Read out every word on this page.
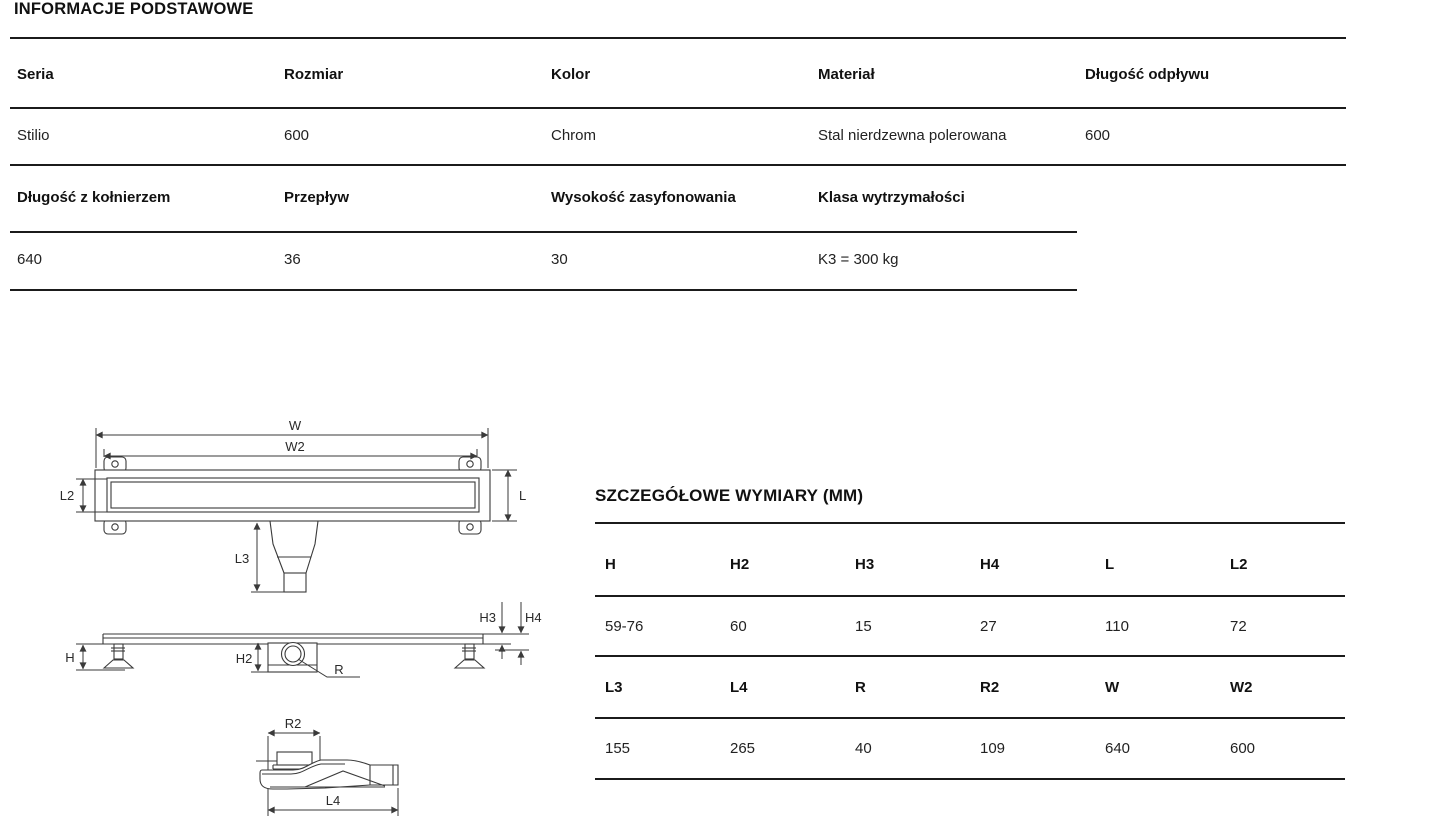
INFORMACJE PODSTAWOWE
Seria	Rozmiar	Kolor	Materiał	Długość odpływu
Stilio	600	Chrom	Stal nierdzewna polerowana	600
Długość z kołnierzem	Przepływ	Wysokość zasyfonowania	Klasa wytrzymałości
640	36	30	K3 = 300 kg
W
W2
L2	L
L3
H	H2
R
H3 H4
R2
L4
SZCZEGÓŁOWE WYMIARY (MM)
H	H2	H3	H4	L	L2
59-76	60	15	27	110	72
L3	L4	R	R2	W	W2
155	265	40	109	640	600
